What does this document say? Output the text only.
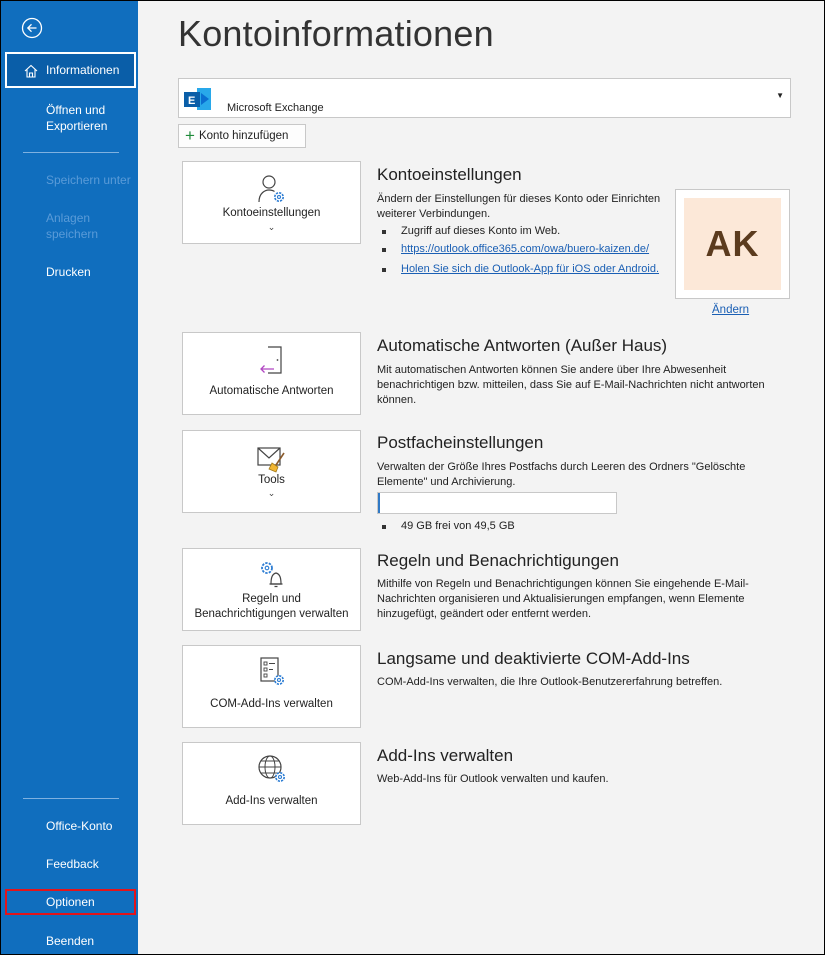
Informationen
Öffnen und
Exportieren
Speichern unter
Anlagen
speichern
Drucken
Office-Konto
Feedback
Optionen
Beenden
Kontoinformationen
E
Microsoft Exchange
▼
+ Konto hinzufügen
Kontoeinstellungen
⌄
Kontoeinstellungen
Ändern der Einstellungen für dieses Konto oder Einrichten
weiterer Verbindungen.
Zugriff auf dieses Konto im Web.
https://outlook.office365.com/owa/buero-kaizen.de/
Holen Sie sich die Outlook-App für iOS oder Android.
AK
Ändern
Automatische Antworten
Automatische Antworten (Außer Haus)
Mit automatischen Antworten können Sie andere über Ihre Abwesenheit
benachrichtigen bzw. mitteilen, dass Sie auf E-Mail-Nachrichten nicht antworten
können.
Tools
⌄
Postfacheinstellungen
Verwalten der Größe Ihres Postfachs durch Leeren des Ordners "Gelöschte
Elemente" und Archivierung.
49 GB frei von 49,5 GB
Regeln und
Benachrichtigungen verwalten
Regeln und Benachrichtigungen
Mithilfe von Regeln und Benachrichtigungen können Sie eingehende E-Mail-
Nachrichten organisieren und Aktualisierungen empfangen, wenn Elemente
hinzugefügt, geändert oder entfernt werden.
COM-Add-Ins verwalten
Langsame und deaktivierte COM-Add-Ins
COM-Add-Ins verwalten, die Ihre Outlook-Benutzererfahrung betreffen.
Add-Ins verwalten
Add-Ins verwalten
Web-Add-Ins für Outlook verwalten und kaufen.
